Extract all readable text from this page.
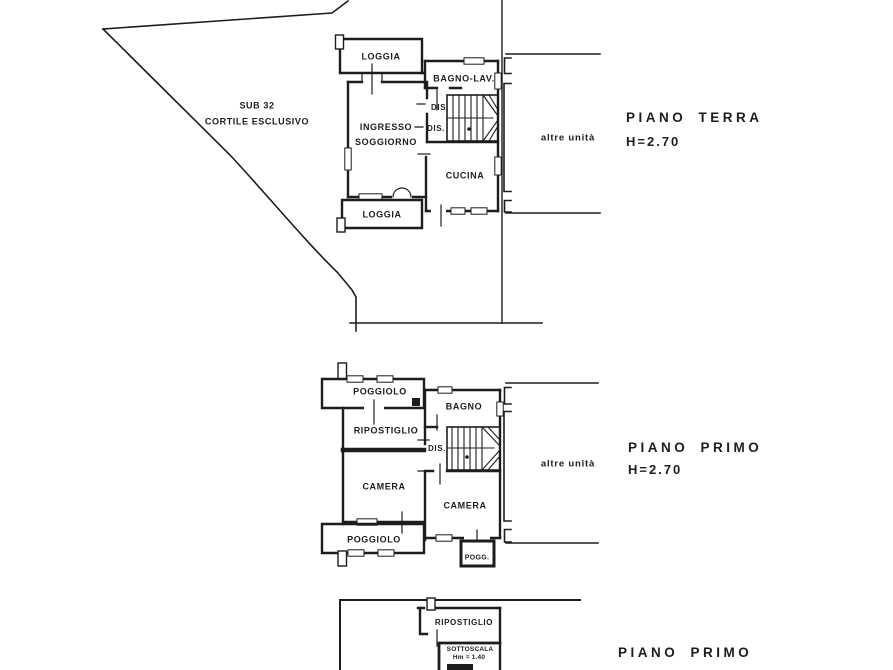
SUB 32
CORTILE ESCLUSIVO
LOGGIA
BAGNO-LAV.
DIS.
DIS.
INGRESSO
SOGGIORNO
CUCINA
LOGGIA
altre unità
PIANO TERRA
H=2.70
POGGIOLO
BAGNO
RIPOSTIGLIO
DIS.
CAMERA
CAMERA
POGGIOLO
POGG.
altre unità
PIANO PRIMO
H=2.70
RIPOSTIGLIO
SOTTOSCALA
Hm = 1.40	PIANO PRIMO
